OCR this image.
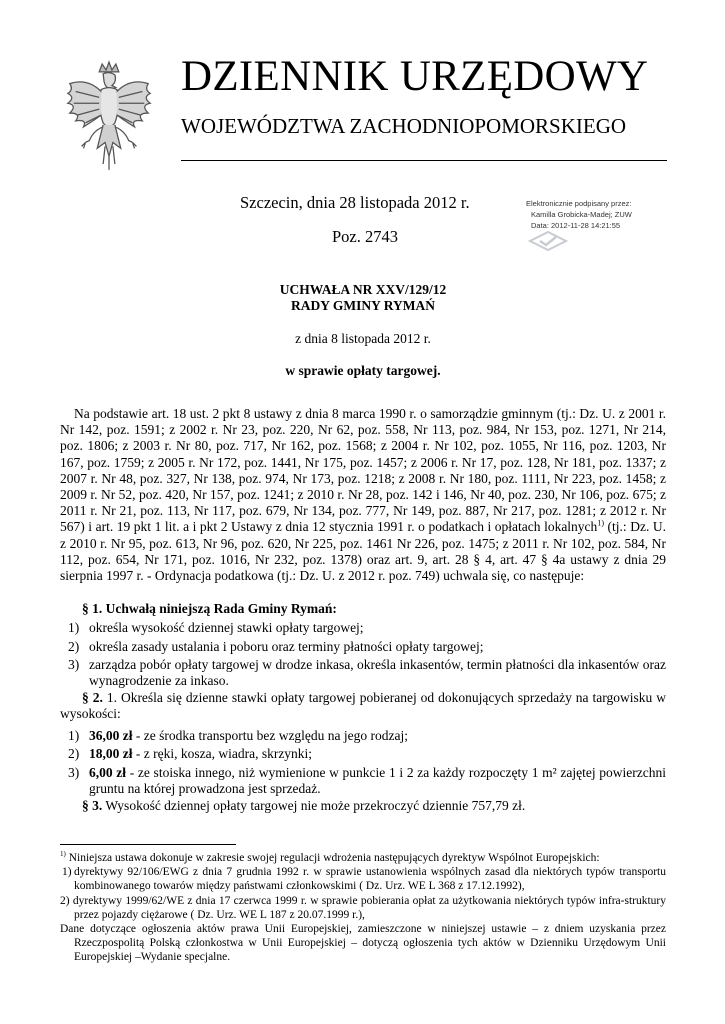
DZIENNIK URZĘDOWY
WOJEWÓDZTWA ZACHODNIOPOMORSKIEGO
Szczecin, dnia 28 listopada 2012 r.
Poz. 2743
Elektronicznie podpisany przez:
Kamilla Grobicka-Madej; ZUW
Data: 2012-11-28 14:21:55
UCHWAŁA NR XXV/129/12
RADY GMINY RYMAŃ
z dnia 8 listopada 2012 r.
w sprawie opłaty targowej.
Na podstawie art. 18 ust. 2 pkt 8 ustawy z dnia 8 marca 1990 r. o samorządzie gminnym (tj.: Dz. U. z 2001 r. Nr 142, poz. 1591; z 2002 r. Nr 23, poz. 220, Nr 62, poz. 558, Nr 113, poz. 984, Nr 153, poz. 1271, Nr 214, poz. 1806; z 2003 r. Nr 80, poz. 717, Nr 162, poz. 1568; z 2004 r. Nr 102, poz. 1055, Nr 116, poz. 1203, Nr 167, poz. 1759; z 2005 r. Nr 172, poz. 1441, Nr 175, poz. 1457; z 2006 r. Nr 17, poz. 128, Nr 181, poz. 1337; z 2007 r. Nr 48, poz. 327, Nr 138, poz. 974, Nr 173, poz. 1218; z 2008 r. Nr 180, poz. 1111, Nr 223, poz. 1458; z 2009 r. Nr 52, poz. 420, Nr 157, poz. 1241; z 2010 r. Nr 28, poz. 142 i 146, Nr 40, poz. 230, Nr 106, poz. 675; z 2011 r. Nr 21, poz. 113, Nr 117, poz. 679, Nr 134, poz. 777, Nr 149, poz. 887, Nr 217, poz. 1281; z 2012 r. Nr 567) i art. 19 pkt 1 lit. a i pkt 2 Ustawy z dnia 12 stycznia 1991 r. o podatkach i opłatach lokalnych$^{1)}$ (tj.: Dz. U. z 2010 r. Nr 95, poz. 613, Nr 96, poz. 620, Nr 225, poz. 1461 Nr 226, poz. 1475; z 2011 r. Nr 102, poz. 584, Nr 112, poz. 654, Nr 171, poz. 1016, Nr 232, poz. 1378) oraz art. 9, art. 28 § 4, art. 47 § 4a ustawy z dnia 29 sierpnia 1997 r. - Ordynacja podatkowa (tj.: Dz. U. z 2012 r. poz. 749) uchwala się, co następuje:
§ 1. Uchwałą niniejszą Rada Gminy Rymań:
1) określa wysokość dziennej stawki opłaty targowej;
2) określa zasady ustalania i poboru oraz terminy płatności opłaty targowej;
3) zarządza pobór opłaty targowej w drodze inkasa, określa inkasentów, termin płatności dla inkasentów oraz wynagrodzenie za inkaso.
§ 2. 1. Określa się dzienne stawki opłaty targowej pobieranej od dokonujących sprzedaży na targowisku w wysokości:
1) 36,00 zł - ze środka transportu bez względu na jego rodzaj;
2) 18,00 zł - z ręki, kosza, wiadra, skrzynki;
3) 6,00 zł - ze stoiska innego, niż wymienione w punkcie 1 i 2 za każdy rozpoczęty 1 m² zajętej powierzchni gruntu na której prowadzona jest sprzedaż.
§ 3. Wysokość dziennej opłaty targowej nie może przekroczyć dziennie 757,79 zł.
$^{1)}$ Niniejsza ustawa dokonuje w zakresie swojej regulacji wdrożenia następujących dyrektyw Wspólnot Europejskich:
1) dyrektywy 92/106/EWG z dnia 7 grudnia 1992 r. w sprawie ustanowienia wspólnych zasad dla niektórych typów transportu kombinowanego towarów między państwami członkowskimi ( Dz. Urz. WE L 368 z 17.12.1992),
2) dyrektywy 1999/62/WE z dnia 17 czerwca 1999 r. w sprawie pobierania opłat za użytkowania niektórych typów infra-struktury przez pojazdy ciężarowe ( Dz. Urz. WE L 187 z 20.07.1999 r.),
Dane dotyczące ogłoszenia aktów prawa Unii Europejskiej, zamieszczone w niniejszej ustawie – z dniem uzyskania przez Rzeczpospolitą Polską członkostwa w Unii Europejskiej – dotyczą ogłoszenia tych aktów w Dzienniku Urzędowym Unii Europejskiej –Wydanie specjalne.
